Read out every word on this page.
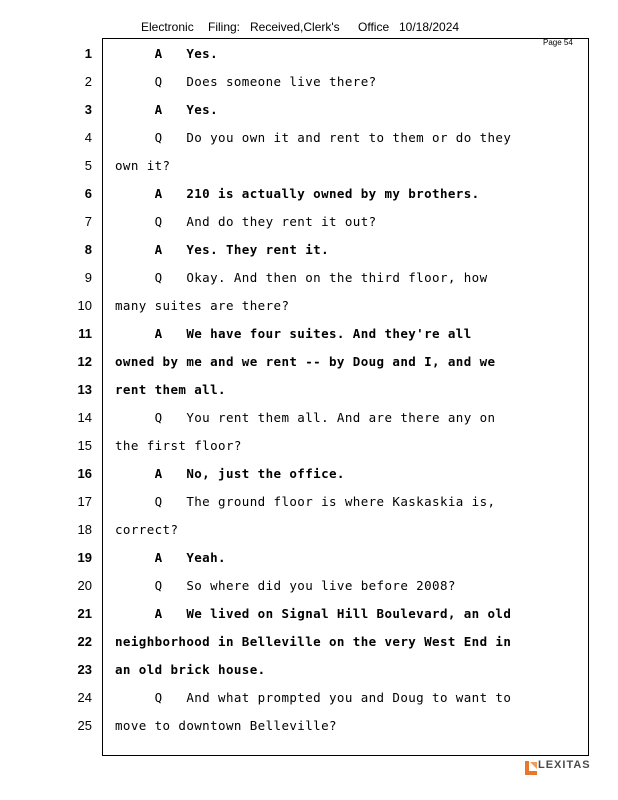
Electronic Filing: Received,Clerk's Office 10/18/2024
Page 54
1 A   Yes.
2 Q   Does someone live there?
3 A   Yes.
4 Q   Do you own it and rent to them or do they
5 own it?
6 A   210 is actually owned by my brothers.
7 Q   And do they rent it out?
8 A   Yes. They rent it.
9 Q   Okay. And then on the third floor, how
10 many suites are there?
11 A   We have four suites. And they're all
12 owned by me and we rent -- by Doug and I, and we
13 rent them all.
14 Q   You rent them all. And are there any on
15 the first floor?
16 A   No, just the office.
17 Q   The ground floor is where Kaskaskia is,
18 correct?
19 A   Yeah.
20 Q   So where did you live before 2008?
21 A   We lived on Signal Hill Boulevard, an old
22 neighborhood in Belleville on the very West End in
23 an old brick house.
24 Q   And what prompted you and Doug to want to
25 move to downtown Belleville?
LEXITAS
